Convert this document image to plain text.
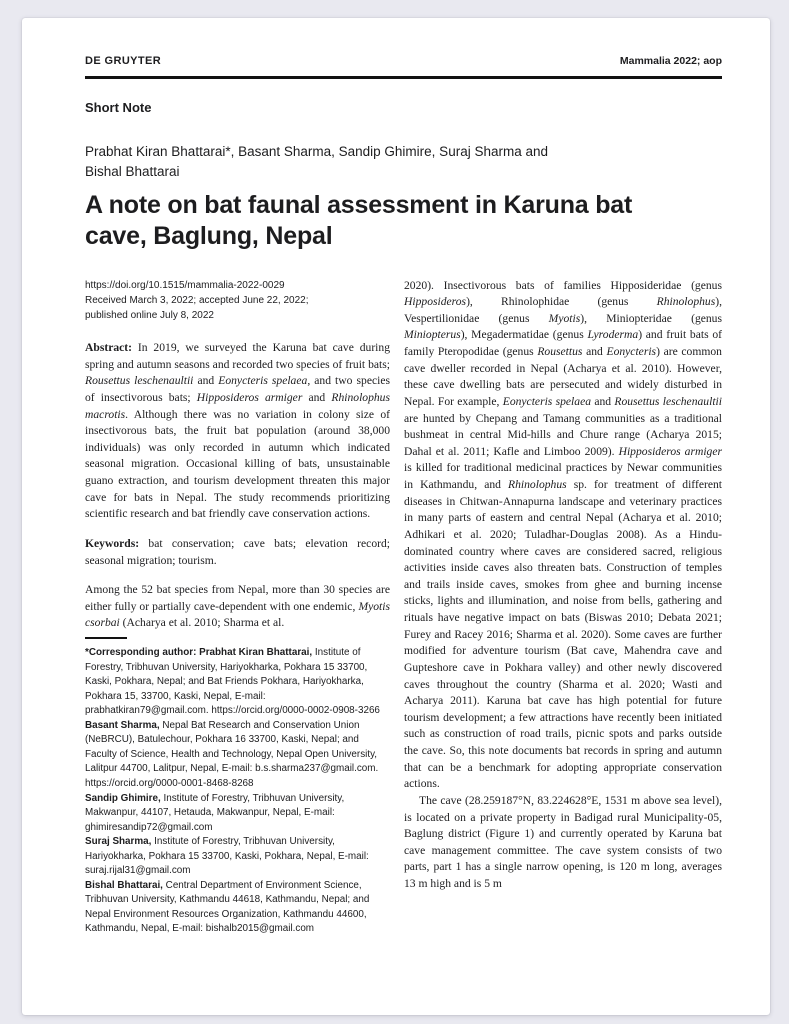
DE GRUYTER	Mammalia 2022; aop
Short Note
Prabhat Kiran Bhattarai*, Basant Sharma, Sandip Ghimire, Suraj Sharma and
Bishal Bhattarai
A note on bat faunal assessment in Karuna bat cave, Baglung, Nepal
https://doi.org/10.1515/mammalia-2022-0029
Received March 3, 2022; accepted June 22, 2022;
published online July 8, 2022

Abstract: In 2019, we surveyed the Karuna bat cave during spring and autumn seasons and recorded two species of fruit bats; Rousettus leschenaultii and Eonycteris spelaea, and two species of insectivorous bats; Hipposideros armiger and Rhinolophus macrotis. Although there was no variation in colony size of insectivorous bats, the fruit bat population (around 38,000 individuals) was only recorded in autumn which indicated seasonal migration. Occasional killing of bats, unsustainable guano extraction, and tourism development threaten this major cave for bats in Nepal. The study recommends prioritizing scientific research and bat friendly cave conservation actions.

Keywords: bat conservation; cave bats; elevation record; seasonal migration; tourism.

Among the 52 bat species from Nepal, more than 30 species are either fully or partially cave-dependent with one endemic, Myotis csorbai (Acharya et al. 2010; Sharma et al.

*Corresponding author: Prabhat Kiran Bhattarai, Institute of Forestry, Tribhuvan University, Hariyokharka, Pokhara 15 33700, Kaski, Pokhara, Nepal; and Bat Friends Pokhara, Hariyokharka, Pokhara 15, 33700, Kaski, Nepal, E-mail: prabhatkiran79@gmail.com. https://orcid.org/0000-0002-0908-3266

Basant Sharma, Nepal Bat Research and Conservation Union (NeBRCU), Batulechour, Pokhara 16 33700, Kaski, Nepal; and Faculty of Science, Health and Technology, Nepal Open University, Lalitpur 44700, Lalitpur, Nepal, E-mail: b.s.sharma237@gmail.com. https://orcid.org/0000-0001-8468-8268

Sandip Ghimire, Institute of Forestry, Tribhuvan University, Makwanpur, 44107, Hetauda, Makwanpur, Nepal, E-mail: ghimiresandip72@gmail.com

Suraj Sharma, Institute of Forestry, Tribhuvan University, Hariyokharka, Pokhara 15 33700, Kaski, Pokhara, Nepal, E-mail: suraj.rijal31@gmail.com

Bishal Bhattarai, Central Department of Environment Science, Tribhuvan University, Kathmandu 44618, Kathmandu, Nepal; and Nepal Environment Resources Organization, Kathmandu 44600, Kathmandu, Nepal, E-mail: bishalb2015@gmail.com

2020). Insectivorous bats of families Hipposideridae (genus Hipposideros), Rhinolophidae (genus Rhinolophus), Vespertilionidae (genus Myotis), Miniopteridae (genus Miniopterus), Megadermatidae (genus Lyroderma) and fruit bats of family Pteropodidae (genus Rousettus and Eonycteris) are common cave dweller recorded in Nepal (Acharya et al. 2010). However, these cave dwelling bats are persecuted and widely disturbed in Nepal. For example, Eonycteris spelaea and Rousettus leschenaultii are hunted by Chepang and Tamang communities as a traditional bushmeat in central Mid-hills and Chure range (Acharya 2015; Dahal et al. 2011; Kafle and Limboo 2009). Hipposideros armiger is killed for traditional medicinal practices by Newar communities in Kathmandu, and Rhinolophus sp. for treatment of different diseases in Chitwan-Annapurna landscape and veterinary practices in many parts of eastern and central Nepal (Acharya et al. 2010; Adhikari et al. 2020; Tuladhar-Douglas 2008). As a Hindu-dominated country where caves are considered sacred, religious activities inside caves also threaten bats. Construction of temples and trails inside caves, smokes from ghee and burning incense sticks, lights and illumination, and noise from bells, gathering and rituals have negative impact on bats (Biswas 2010; Debata 2021; Furey and Racey 2016; Sharma et al. 2020). Some caves are further modified for adventure tourism (Bat cave, Mahendra cave and Gupteshore cave in Pokhara valley) and other newly discovered caves throughout the country (Sharma et al. 2020; Wasti and Acharya 2011). Karuna bat cave has high potential for future tourism development; a few attractions have recently been initiated such as construction of road trails, picnic spots and parks outside the cave. So, this note documents bat records in spring and autumn that can be a benchmark for adopting appropriate conservation actions.

The cave (28.259187°N, 83.224628°E, 1531 m above sea level), is located on a private property in Badigad rural Municipality-05, Baglung district (Figure 1) and currently operated by Karuna bat cave management committee. The cave system consists of two parts, part 1 has a single narrow opening, is 120 m long, averages 13 m high and is 5 m
